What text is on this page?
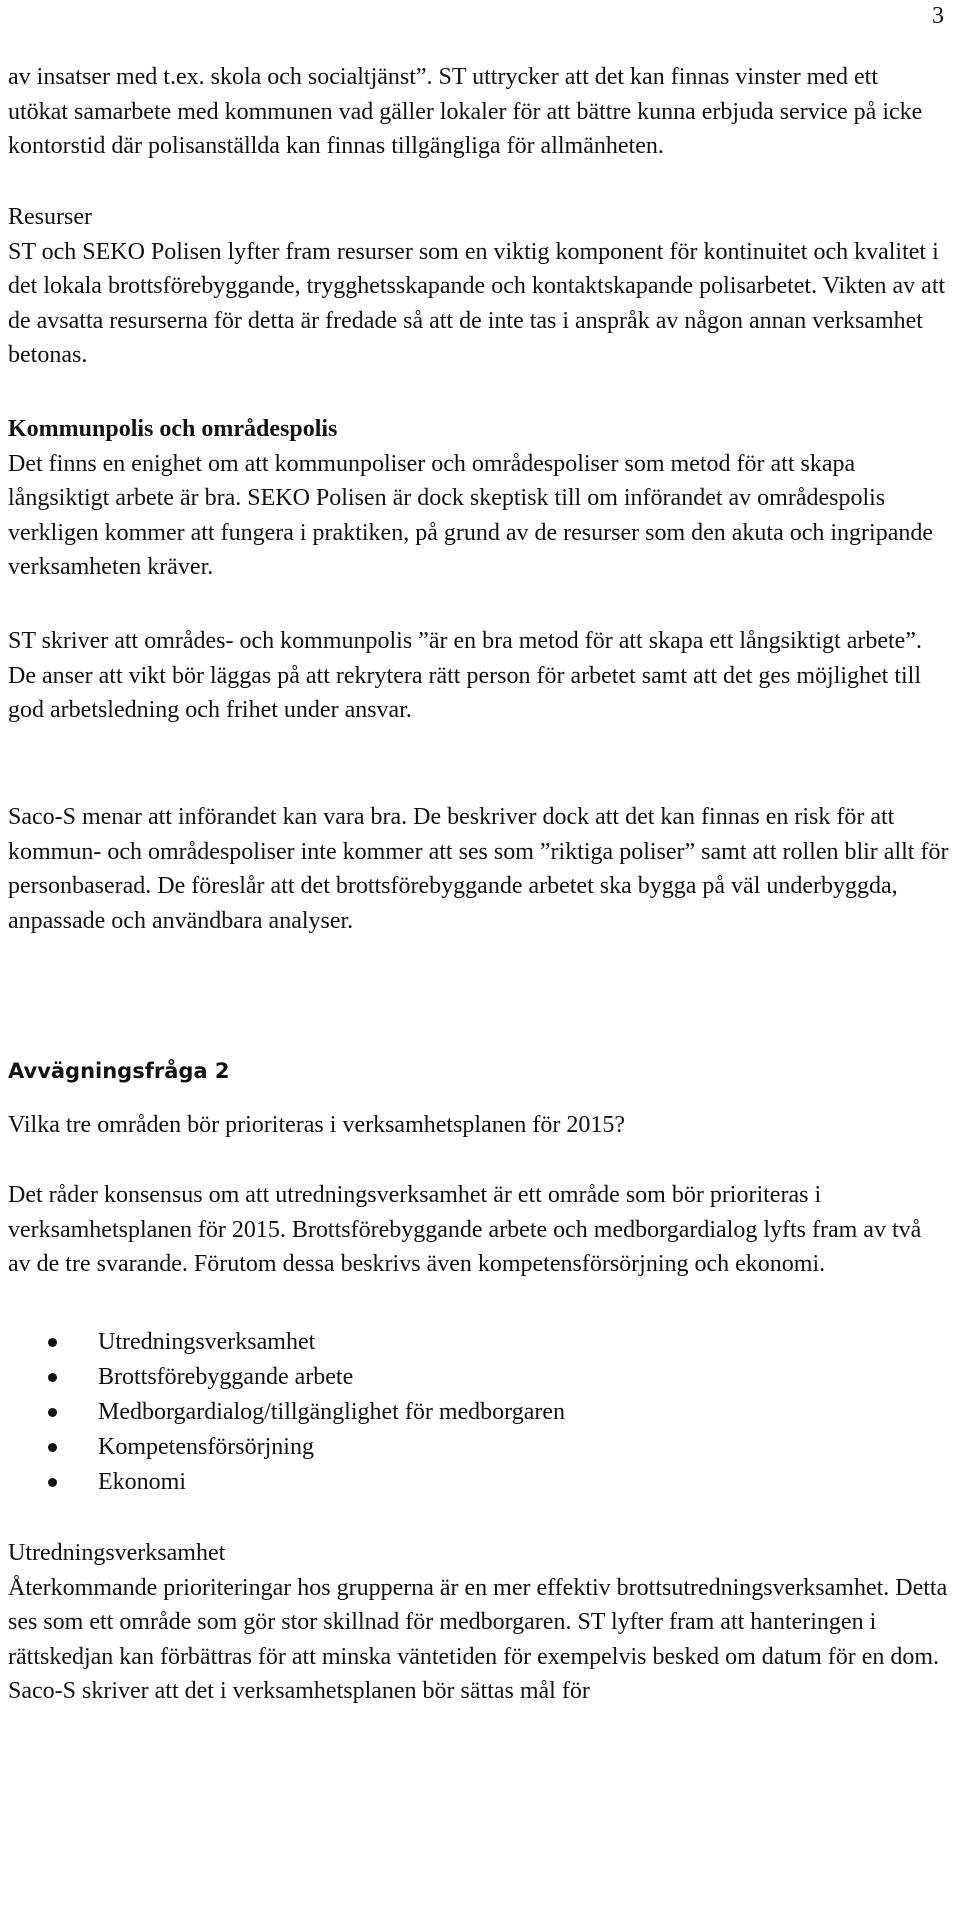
3

av insatser med t.ex. skola och socialtjänst”. ST uttrycker att det kan finnas vinster med ett utökat samarbete med kommunen vad gäller lokaler för att bättre kunna erbjuda service på icke kontorstid där polisanställda kan finnas tillgängliga för allmänheten.

Resurser

ST och SEKO Polisen lyfter fram resurser som en viktig komponent för kontinuitet och kvalitet i det lokala brottsförebyggande, trygghetsskapande och kontaktskapande polisarbetet. Vikten av att de avsatta resurserna för detta är fredade så att de inte tas i anspråk av någon annan verksamhet betonas.

Kommunpolis och områdespolis

Det finns en enighet om att kommunpoliser och områdespoliser som metod för att skapa långsiktigt arbete är bra. SEKO Polisen är dock skeptisk till om införandet av områdespolis verkligen kommer att fungera i praktiken, på grund av de resurser som den akuta och ingripande verksamheten kräver.

ST skriver att områdes- och kommunpolis ”är en bra metod för att skapa ett långsiktigt arbete”. De anser att vikt bör läggas på att rekrytera rätt person för arbetet samt att det ges möjlighet till god arbetsledning och frihet under ansvar.

Saco-S menar att införandet kan vara bra. De beskriver dock att det kan finnas en risk för att kommun- och områdespoliser inte kommer att ses som ”riktiga poliser” samt att rollen blir allt för personbaserad. De föreslår att det brottsförebyggande arbetet ska bygga på väl underbyggda, anpassade och användbara analyser.

Avvägningsfråga 2

Vilka tre områden bör prioriteras i verksamhetsplanen för 2015?

Det råder konsensus om att utredningsverksamhet är ett område som bör prioriteras i verksamhetsplanen för 2015. Brottsförebyggande arbete och medborgardialog lyfts fram av två av de tre svarande. Förutom dessa beskrivs även kompetensförsörjning och ekonomi.

Utredningsverksamhet
Brottsförebyggande arbete
Medborgardialog/tillgänglighet för medborgaren
Kompetensförsörjning
Ekonomi
Utredningsverksamhet

Återkommande prioriteringar hos gruppernа är en mer effektiv brottsutredningsverksamhet. Detta ses som ett område som gör stor skillnad för medborgaren. ST lyfter fram att hanteringen i rättskedjan kan förbättras för att minska väntetiden för exempelvis besked om datum för en dom. Saco-S skriver att det i verksamhetsplanen bör sättas mål för
